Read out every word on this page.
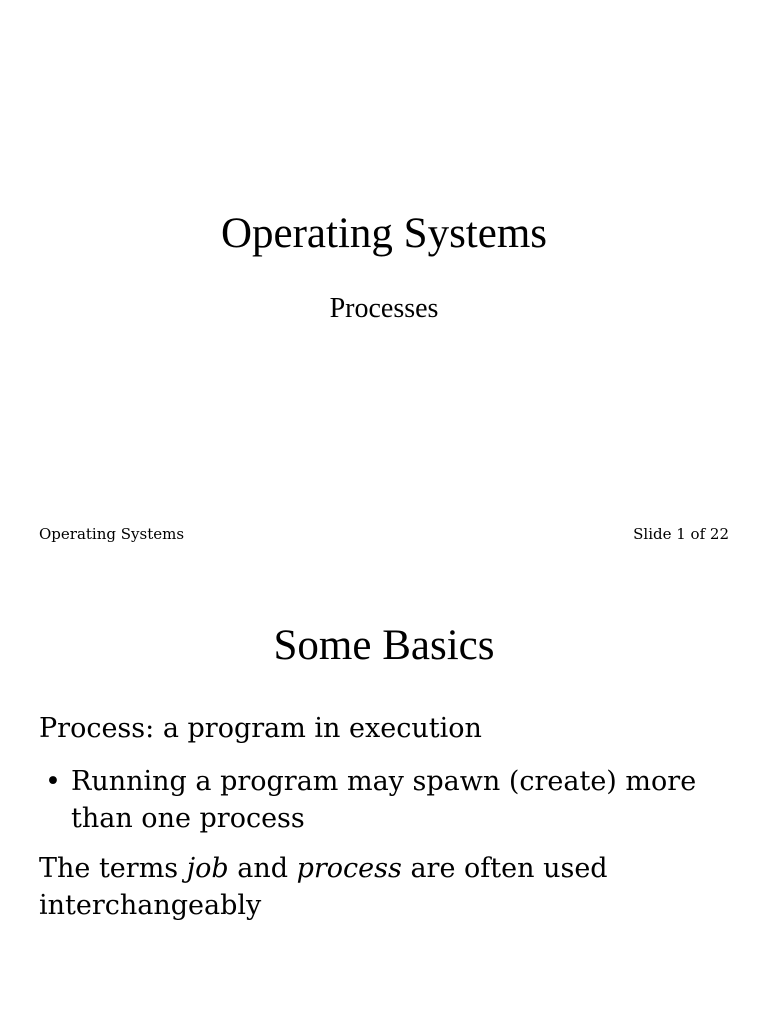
Operating Systems
Processes
Operating Systems	Slide 1 of 22
Some Basics
Process: a program in execution
• Running a program may spawn (create) more than one process
The terms job and process are often used interchangeably
